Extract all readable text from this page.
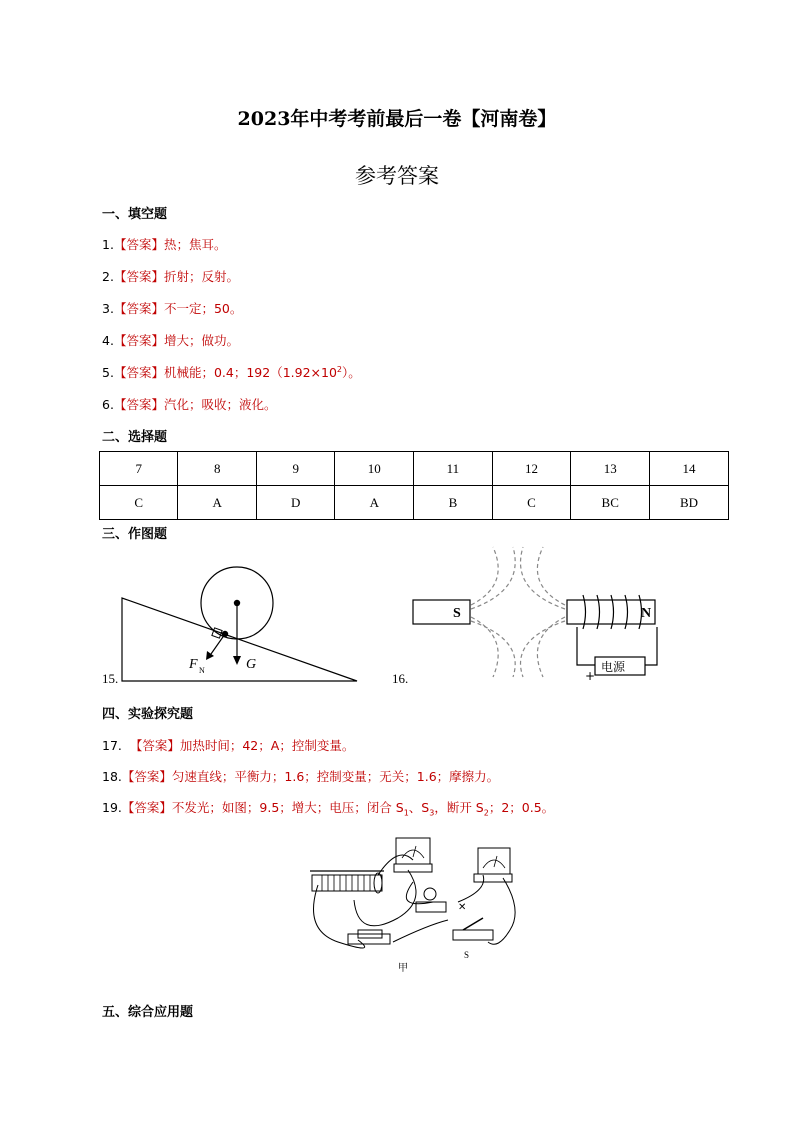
2023年中考考前最后一卷【河南卷】
参考答案
一、填空题
1.【答案】热；焦耳。
2.【答案】折射；反射。
3.【答案】不一定；50。
4.【答案】增大；做功。
5.【答案】机械能；0.4；$192(1.92\times 10^2)$。
6.【答案】汽化；吸收；液化。
二、选择题
7	8	9	10	11	12	13	14
C	A	D	A	B	C	BC	BD
三、作图题
F N	G
15.
S	N
电源
+
16.
四、实验探究题
17. 【答案】加热时间；42；A；控制变量。
18.【答案】匀速直线；平衡力；1.6；控制变量；无关；1.6；摩擦力。
19.【答案】不发光；如图；9.5；增大；电压；闭合 $S_1$、$S_3$，断开 $S_2$；2；0.5。
✕
S
甲
五、综合应用题
